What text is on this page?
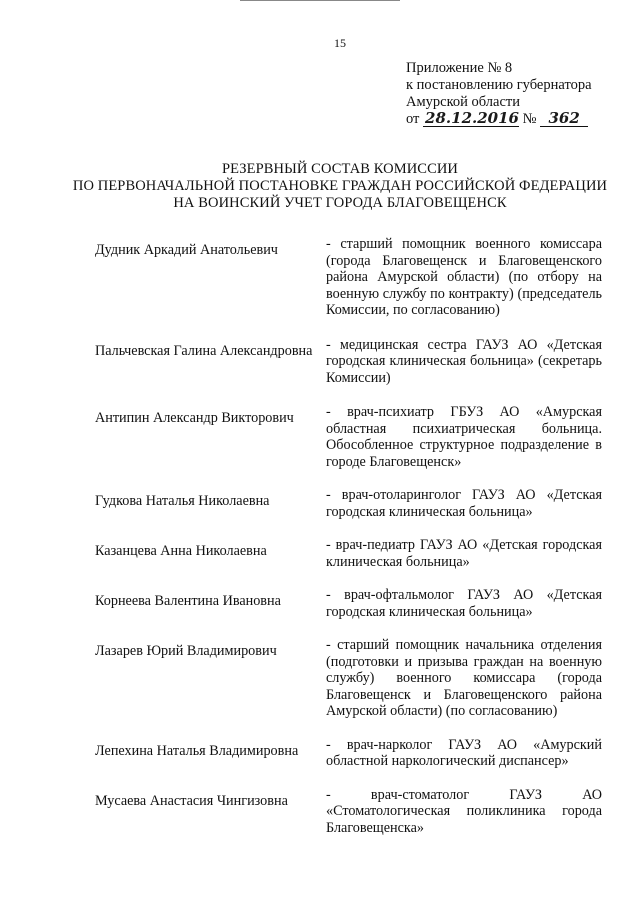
15
Приложение № 8
к постановлению губернатора
Амурской области
от 28.12.2016 № 362
РЕЗЕРВНЫЙ СОСТАВ КОМИССИИ
ПО ПЕРВОНАЧАЛЬНОЙ ПОСТАНОВКЕ ГРАЖДАН РОССИЙСКОЙ ФЕДЕРАЦИИ
НА ВОИНСКИЙ УЧЕТ ГОРОДА БЛАГОВЕЩЕНСК
Дудник Аркадий Анатольевич	- старший помощник военного комиссара (города Благовещенск и Благовещенского района Амурской области) (по отбору на военную службу по контракту) (председатель Комиссии, по согласованию)
Пальчевская Галина Александровна - медицинская сестра ГАУЗ АО «Детская городская клиническая больница» (секретарь Комиссии)
Антипин Александр Викторович	- врач-психиатр ГБУЗ АО «Амурская областная психиатрическая больница. Обособленное структурное подразделение в городе Благовещенск»
Гудкова Наталья Николаевна	- врач-отоларинголог ГАУЗ АО «Детская городская клиническая больница»
Казанцева Анна Николаевна	- врач-педиатр ГАУЗ АО «Детская городская клиническая больница»
Корнеева Валентина Ивановна	- врач-офтальмолог ГАУЗ АО «Детская городская клиническая больница»
Лазарев Юрий Владимирович	- старший помощник начальника отделения (подготовки и призыва граждан на военную службу) военного комиссара (города Благовещенск и Благовещенского района Амурской области) (по согласованию)
Лепехина Наталья Владимировна	- врач-нарколог ГАУЗ АО «Амурский областной наркологический диспансер»
Мусаева Анастасия Чингизовна	- врач-стоматолог ГАУЗ АО «Стоматологическая поликлиника города Благовещенска»
